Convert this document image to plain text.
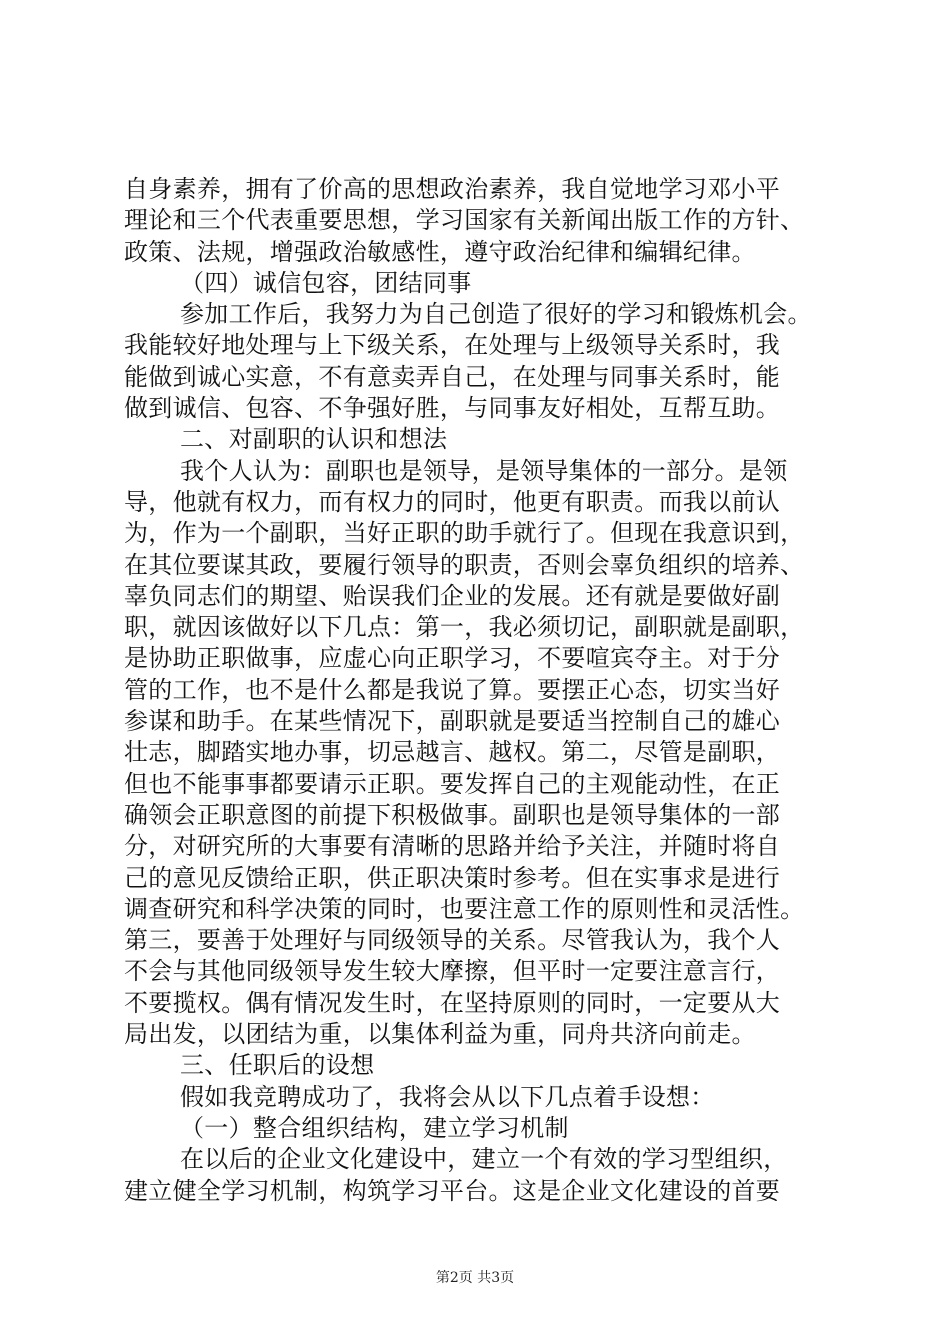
自身素养，拥有了价高的思想政治素养，我自觉地学习邓小平
理论和三个代表重要思想，学习国家有关新闻出版工作的方针、
政策、法规，增强政治敏感性，遵守政治纪律和编辑纪律。
（四）诚信包容，团结同事
参加工作后，我努力为自己创造了很好的学习和锻炼机会。
我能较好地处理与上下级关系，在处理与上级领导关系时，我
能做到诚心实意，不有意卖弄自己，在处理与同事关系时，能
做到诚信、包容、不争强好胜，与同事友好相处，互帮互助。
二、对副职的认识和想法
我个人认为：副职也是领导，是领导集体的一部分。是领
导，他就有权力，而有权力的同时，他更有职责。而我以前认
为，作为一个副职，当好正职的助手就行了。但现在我意识到，
在其位要谋其政，要履行领导的职责，否则会辜负组织的培养、
辜负同志们的期望、贻误我们企业的发展。还有就是要做好副
职，就因该做好以下几点：第一，我必须切记，副职就是副职，
是协助正职做事，应虚心向正职学习，不要喧宾夺主。对于分
管的工作，也不是什么都是我说了算。要摆正心态，切实当好
参谋和助手。在某些情况下，副职就是要适当控制自己的雄心
壮志，脚踏实地办事，切忌越言、越权。第二，尽管是副职，
但也不能事事都要请示正职。要发挥自己的主观能动性，在正
确领会正职意图的前提下积极做事。副职也是领导集体的一部
分，对研究所的大事要有清晰的思路并给予关注，并随时将自
己的意见反馈给正职，供正职决策时参考。但在实事求是进行
调查研究和科学决策的同时，也要注意工作的原则性和灵活性。
第三，要善于处理好与同级领导的关系。尽管我认为，我个人
不会与其他同级领导发生较大摩擦，但平时一定要注意言行，
不要揽权。偶有情况发生时，在坚持原则的同时，一定要从大
局出发，以团结为重，以集体利益为重，同舟共济向前走。
三、任职后的设想
假如我竞聘成功了，我将会从以下几点着手设想：
（一）整合组织结构，建立学习机制
在以后的企业文化建设中，建立一个有效的学习型组织，
建立健全学习机制，构筑学习平台。这是企业文化建设的首要
第2页 共3页
